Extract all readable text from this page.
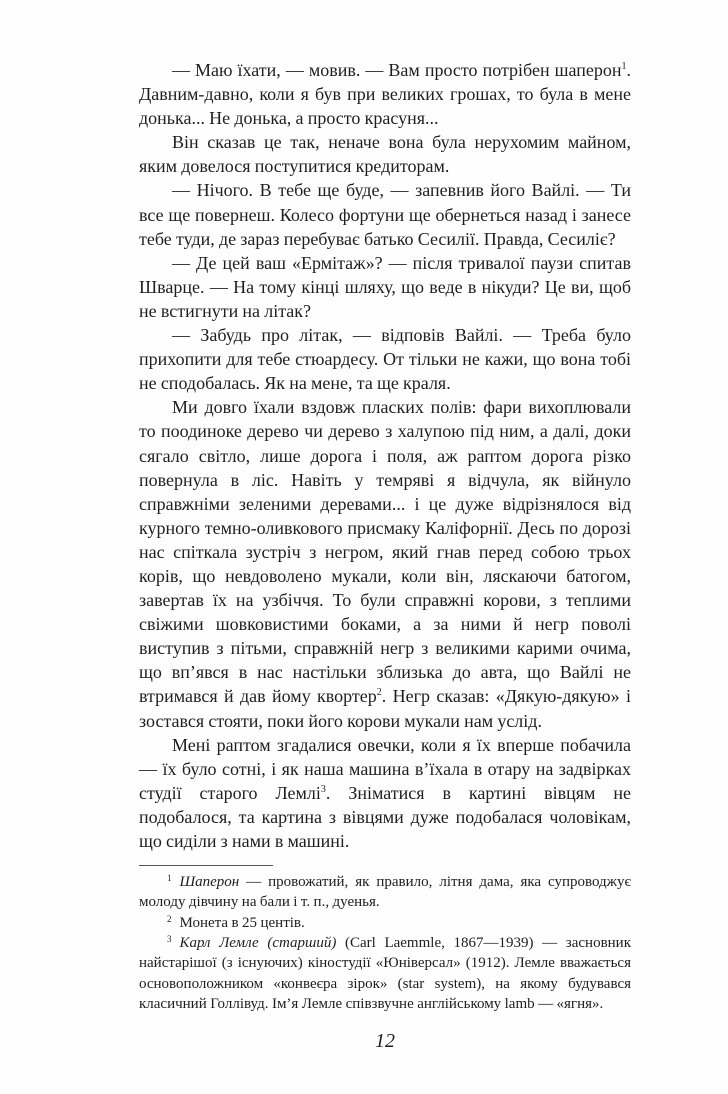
— Маю їхати, — мовив. — Вам просто потрібен шаперон$^1$. Давним-давно, коли я був при великих грошах, то була в мене донька... Не донька, а просто красуня...

Він сказав це так, неначе вона була нерухомим майном, яким довелося поступитися кредиторам.

— Нічого. В тебе ще буде, — запевнив його Вайлі. — Ти все ще повернеш. Колесо фортуни ще обернеться назад і занесе тебе туди, де зараз перебуває батько Сесилії. Правда, Сесиліє?

— Де цей ваш «Ермітаж»? — після тривалої паузи спитав Шварце. — На тому кінці шляху, що веде в нікуди? Це ви, щоб не встигнути на літак?

— Забудь про літак, — відповів Вайлі. — Треба було прихопити для тебе стюардесу. От тільки не кажи, що вона тобі не сподобалась. Як на мене, та ще краля.

Ми довго їхали вздовж пласких полів: фари вихоплювали то поодиноке дерево чи дерево з халупою під ним, а далі, доки сягало світло, лише дорога і поля, аж раптом дорога різко повернула в ліс. Навіть у темряві я відчула, як війнуло справжніми зеленими деревами... і це дуже відрізнялося від курного темно-оливкового присмаку Каліфорнії. Десь по дорозі нас спіткала зустріч з негром, який гнав перед собою трьох корів, що невдоволено мукали, коли він, ляскаючи батогом, завертав їх на узбіччя. То були справжні корови, з теплими свіжими шовковистими боками, а за ними й негр поволі виступив з пітьми, справжній негр з великими карими очима, що вп’явся в нас настільки зблизька до авта, що Вайлі не втримався й дав йому квортер$^2$. Негр сказав: «Дякую-дякую» і зостався стояти, поки його корови мукали нам услід.

Мені раптом згадалися овечки, коли я їх вперше побачила — їх було сотні, і як наша машина в’їхала в отару на задвірках студії старого Лемлі$^3$. Зніматися в картині вівцям не подобалося, та картина з вівцями дуже подобалася чоловікам, що сиділи з нами в машині.

$^1$ Шаперон — провожатий, як правило, літня дама, яка супроводжує молоду дівчину на бали і т. п., дуенья.

$^2$ Монета в 25 центів.

$^3$ Карл Лемле (старший) (Carl Laemmle, 1867—1939) — засновник найстарішої (з існуючих) кіностудії «Юніверсал» (1912). Лемле вважається основоположником «конвеєра зірок» (star system), на якому будувався класичний Голлівуд. Ім’я Лемле співзвучне англійському lamb — «ягня».

12
